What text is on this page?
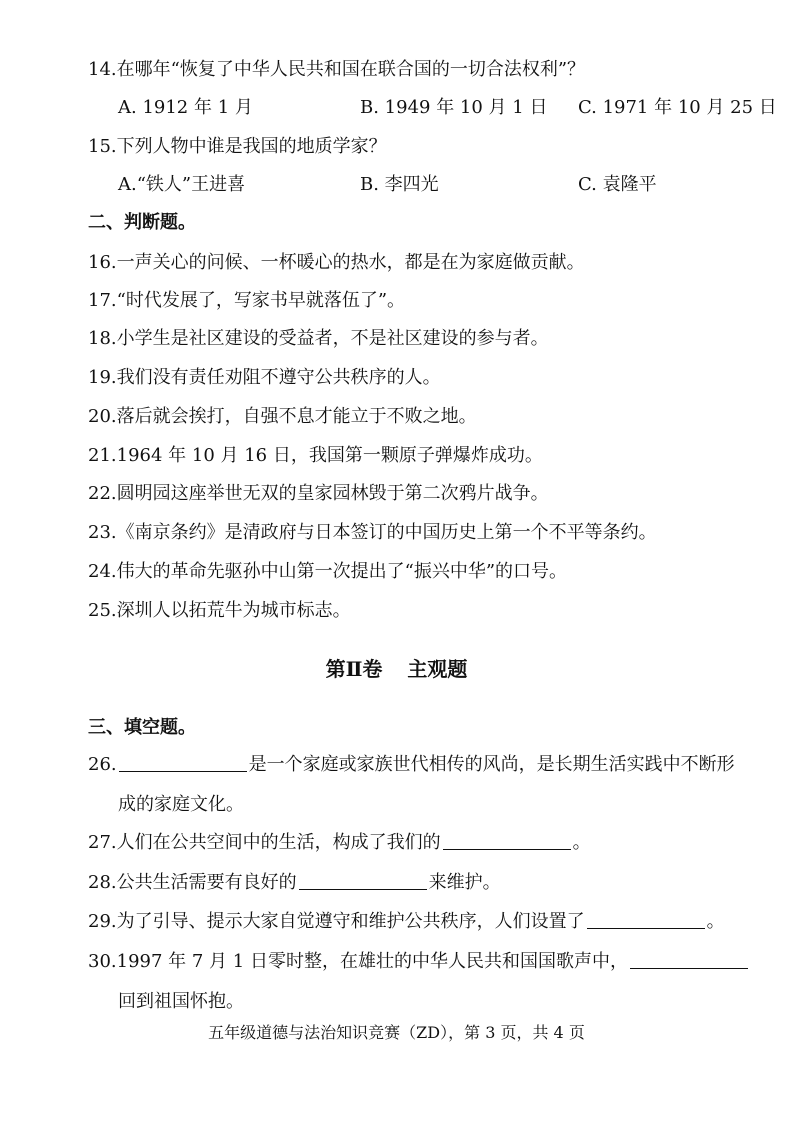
14.在哪年“恢复了中华人民共和国在联合国的一切合法权利”？
A. 1912 年 1 月	B. 1949 年 10 月 1 日 C. 1971 年 10 月 25 日
15.下列人物中谁是我国的地质学家？
A.“铁人”王进喜	B. 李四光	C. 袁隆平
二、判断题。
16.一声关心的问候、一杯暖心的热水，都是在为家庭做贡献。
17.“时代发展了，写家书早就落伍了”。
18.小学生是社区建设的受益者，不是社区建设的参与者。
19.我们没有责任劝阻不遵守公共秩序的人。
20.落后就会挨打，自强不息才能立于不败之地。
21.1964 年 10 月 16 日，我国第一颗原子弹爆炸成功。
22.圆明园这座举世无双的皇家园林毁于第二次鸦片战争。
23.《南京条约》是清政府与日本签订的中国历史上第一个不平等条约。
24.伟大的革命先驱孙中山第一次提出了“振兴中华”的口号。
25.深圳人以拓荒牛为城市标志。
第Ⅱ卷 主观题
三、填空题。
26.	是一个家庭或家族世代相传的风尚，是长期生活实践中不断形
成的家庭文化。
27.人们在公共空间中的生活，构成了我们的	。
28.公共生活需要有良好的	来维护。
29.为了引导、提示大家自觉遵守和维护公共秩序，人们设置了	。
30.1997 年 7 月 1 日零时整，在雄壮的中华人民共和国国歌声中，
回到祖国怀抱。
五年级道德与法治知识竞赛（ZD），第 3 页，共 4 页
